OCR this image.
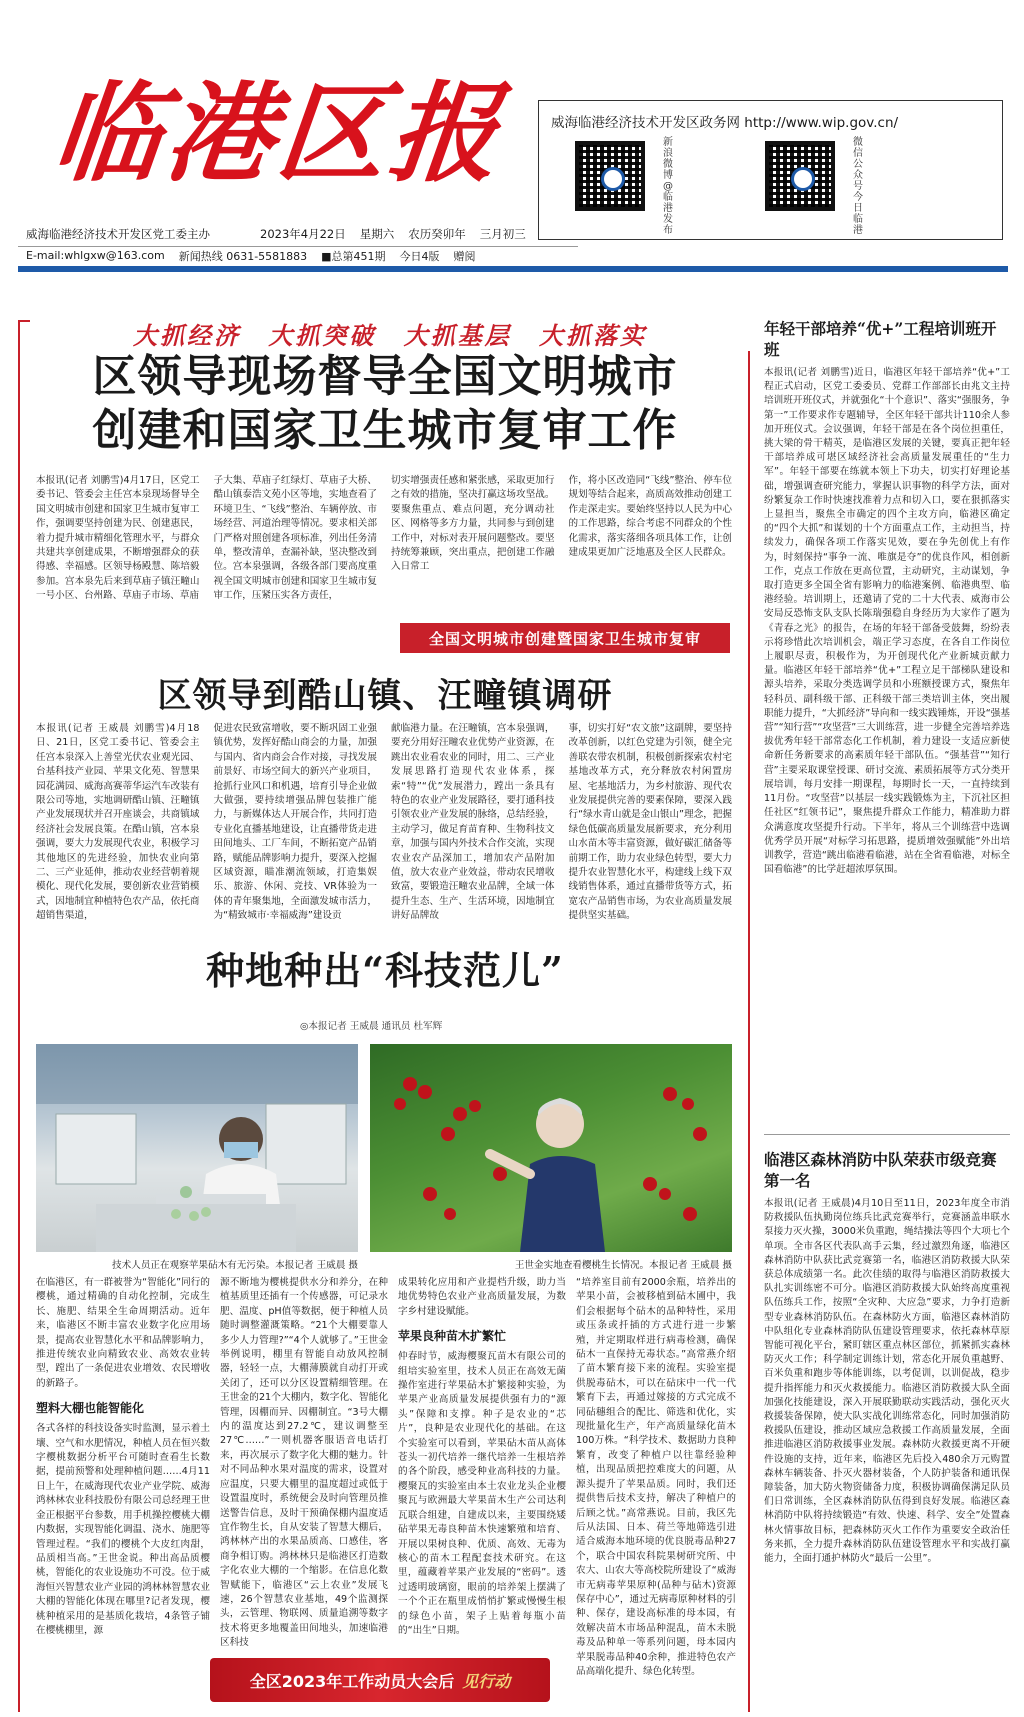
临港区报	威海临港经济技术开发区政务网 http://www.wip.gov.cn/
新浪微博@临港发布
微信公众号今日临港
威海临港经济技术开发区党工委主办	2023年4月22日 星期六 农历癸卯年 三月初三
E-mail:whlgxw@163.com 新闻热线 0631-5581883 ■总第451期 今日4版 赠阅
大抓经济 大抓突破 大抓基层 大抓落实
区领导现场督导全国文明城市
创建和国家卫生城市复审工作
本报讯(记者 刘鹏雪)4月17日，区党工委书记、管委会主任宫本泉现场督导全国文明城市创建和国家卫生城市复审工作，强调要坚持创建为民、创建惠民，着力提升城市精细化管理水平，与群众共建共享创建成果，不断增强群众的获得感、幸福感。区领导杨殿慧、陈培毅参加。宫本泉先后来到草庙子镇汪疃山一号小区、台州路、草庙子市场、草庙
子大集、草庙子红绿灯、草庙子大桥、酷山镇泰浩文苑小区等地，实地查看了环境卫生、“飞线”整治、车辆停放、市场经营、河道治理等情况。要求相关部门严格对照创建各项标准，列出任务清单，整改清单，查漏补缺，坚决整改到位。宫本泉强调，各级各部门要高度重视全国文明城市创建和国家卫生城市复审工作，压紧压实各方责任，
切实增强责任感和紧张感，采取更加行之有效的措施，坚决打赢这场攻坚战。要聚焦重点、难点问题，充分调动社区、网格等多方力量，共同参与到创建工作中，对标对表开展问题整改。要坚持统筹兼顾，突出重点，把创建工作融入日常工
作，将小区改造同“飞线”整治、停车位规划等结合起来，高质高效推动创建工作走深走实。要始终坚持以人民为中心的工作思路，综合考虑不同群众的个性化需求，落实落细各项具体工作，让创建成果更加广泛地惠及全区人民群众。
全国文明城市创建暨国家卫生城市复审
区领导到酷山镇、汪疃镇调研
本报讯(记者 王威晨 刘鹏雪)4月18日、21日，区党工委书记、管委会主任宫本泉深入上善堂光伏农业观光园、台基科技产业园、苹果文化苑、智慧果园花满园、威海高赛蒂华运汽车改装有限公司等地，实地调研酷山镇、汪疃镇产业发展现状并召开座谈会，共商镇域经济社会发展良策。在酷山镇，宫本泉强调，要大力发展现代农业，积极学习其他地区的先进经验，加快农业向第二、三产业延伸，推动农业经营朝着规模化、现代化发展，要创新农业营销模式，因地制宜种植特色农产品，依托商超销售渠道，
促进农民致富增收，要不断巩固工业强镇优势，发挥好酷山商会的力量，加强与国内、省内商会合作对接，寻找发展前景好、市场空间大的新兴产业项目，抢抓行业风口和机遇，培育引导企业做大做强，要持续增强品牌包装推广能力，与新媒体达人开展合作，共同打造专业化直播基地建设，让直播带货走进田间地头、工厂车间，不断拓宽产品销路，赋能品牌影响力提升，要深入挖掘区域资源，瞄准潮流领域，打造集娱乐、旅游、休闲、竞技、VR体验为一体的青年聚集地，全面激发城市活力，为“精致城市·幸福威海”建设贡
献临港力量。在汪疃镇，宫本泉强调，要充分用好汪疃农业优势产业资源，在跳出农业看农业的同时，用二、三产业发展思路打造现代农业体系，探索“特”“优”发展潜力，蹚出一条具有特色的农业产业发展路径，要打通科技引领农业产业发展的脉络，总结经验，主动学习，做足育苗育种、生物科技文章，加强与国内外技术合作交流，实现农业农产品深加工，增加农产品附加值，放大农业产业效益，带动农民增收致富，要锻造汪疃农业品牌，全域一体提升生态、生产、生活环境，因地制宜讲好品牌故
事，切实打好“农文旅”这副牌，要坚持改革创新，以红色党建为引领，健全完善联农带农机制，积极创新探索农村宅基地改革方式，充分释放农村闲置房屋、宅基地活力，为乡村旅游、现代农业发展提供完善的要素保障，要深入践行“绿水青山就是金山银山”理念，把握绿色低碳高质量发展新要求，充分利用山水苗木等丰富资源，做好碳汇储备等前期工作，助力农业绿色转型，要大力提升农业智慧化水平，构建线上线下双线销售体系，通过直播带货等方式，拓宽农产品销售市场，为农业高质量发展提供坚实基础。
种地种出“科技范儿”
◎本报记者 王威晨 通讯员 杜军辉
技术人员正在观察苹果砧木有无污染。本报记者 王威晨 摄	王世金实地查看樱桃生长情况。本报记者 王威晨 摄
在临港区，有一群被誉为“智能化”同行的樱桃，通过精确的自动化控制，完成生长、施肥、结果全生命周期活动。近年来，临港区不断丰富农业数字化应用场景，提高农业智慧化水平和品牌影响力，推进传统农业向精致农业、高效农业转型，蹚出了一条促进农业增效、农民增收的新路子。
塑料大棚也能智能化
各式各样的科技设备实时监测，显示着土壤、空气和水肥情况，种植人员在恒兴数字樱桃数据分析平台可随时查看生长数据，提前预警和处理种植问题……4月11日上午，在威海现代农业产业学院、威海鸿林林农业科技股份有限公司总经理王世金正根据平台参数，用手机操控樱桃大棚内数据，实现智能化调温、浇水、施肥等管理过程。“我们的樱桃个大皮红肉甜，品质相当高。”王世金说。种出高品质樱桃，智能化的农业设施功不可没。位于威海恒兴智慧农业产业园的鸿林林智慧农业大棚的智能化体现在哪里?记者发现，樱桃种植采用的是基质化栽培，4条管子铺在樱桃棚里，源
源不断地为樱桃提供水分和养分，在种植基质里还插有一个传感器，可记录水肥、温度、pH值等数据，便于种植人员随时调整灌溉策略。“21个大棚要靠人多少人力管理?”“4个人就够了。”王世金举例说明，棚里有智能自动放风控制器，轻轻一点，大棚薄膜就自动打开或关闭了，还可以分区设置精细管理。在王世金的21个大棚内，数字化、智能化管理，因棚而异、因棚制宜。“3号大棚内的温度达到27.2℃，建议调整至27℃……”一则机器客服语音电话打来，再次展示了数字化大棚的魅力。针对不同品种水果对温度的需求，设置对应温度，只要大棚里的温度超过或低于设置温度时，系统便会及时向管理员推送警告信息，及时干预确保棚内温度适宜作物生长，自从安装了智慧大棚后，鸿林林产出的水果品质高、口感佳，客商争相订购。鸿林林只是临港区打造数字化农业大棚的一个缩影。在信息化数智赋能下，临港区“云上农业”发展飞速，26个智慧农业基地，49个监测探头，云管理、物联网、质量追溯等数字技术将更多地覆盖田间地头，加速临港区科技
成果转化应用和产业提档升级，助力当地优势特色农业产业高质量发展，为数字乡村建设赋能。
苹果良种苗木扩繁忙
仲春时节，威海樱聚瓦苗木有限公司的组培实验室里，技术人员正在高效无菌操作室进行苹果砧木扩繁接种实验，为苹果产业高质量发展提供强有力的“源头”保障和支撑。种子是农业的“芯片”，良种是农业现代化的基础。在这个实验室可以看到，苹果砧木苗从高体苍头一初代培养一继代培养一生根培养的各个阶段，感受种业高科技的力量。樱聚瓦的实验室由本土农业龙头企业樱聚瓦与欧洲最大苹果苗木生产公司达利瓦联合组建，自建成以来，主要围绕矮砧苹果无毒良种苗木快速繁殖和培育、开展以果树良种、优质、高效、无毒为核心的苗木工程配套技术研究。在这里，蕴藏着苹果产业发展的“密码”。透过透明玻璃窗，眼前的培养架上摆满了一个个正在瓶里成悄悄扩繁或慢慢生根的绿色小苗，架子上贴着每瓶小苗的“出生”日期。
“培养室目前有2000余瓶，培养出的苹果小苗，会被移植到砧木圃中，我们会根据每个砧木的品种特性，采用或压条或扦插的方式进行进一步繁殖，并定期取样进行病毒检测，确保砧木一直保持无毒状态。”高常燕介绍了苗木繁育接下来的流程。实验室提供脱毒砧木，可以在砧床中一代一代繁育下去，再通过嫁接的方式完成不同砧穗组合的配比、筛选和优化，实现批量化生产，年产高质量绿化苗木100万株。“科学技术、数据助力良种繁育，改变了种植户以往靠经验种植，出现品质把控难度大的问题，从源头提升了苹果品质。同时，我们还提供售后技术支持，解决了种植户的后顾之忧。”高常燕说。目前，我区先后从法国、日本、荷兰等地筛选引进适合威海本地环境的优良脱毒品种27个，联合中国农科院果树研究所、中农大、山农大等高校院所建设了“威海市无病毒苹果原种(品种与砧木)资源保存中心”，通过无病毒原种材料的引种、保存，建设高标准的母本园，有效解决苗木市场品种混乱，苗木未脱毒及品种单一等系列问题，母本园内苹果脱毒品种40余种，推进特色农产品高端化提升、绿色化转型。
全区2023年工作动员大会后 见行动
年轻干部培养“优+”工程培训班开班
本报讯(记者 刘鹏雪)近日，临港区年轻干部培养“优+”工程正式启动，区党工委委员、党群工作部部长由兆文主持培训班开班仪式，并就强化“十个意识”、落实“强服务，争第一”工作要求作专题辅导，全区年轻干部共计110余人参加开班仪式。会议强调，年轻干部是在各个岗位担重任，挑大梁的骨干精英，是临港区发展的关键，要真正把年轻干部培养成可堪区域经济社会高质量发展重任的“生力军”。年轻干部要在练就本领上下功夫，切实打好理论基础，增强调查研究能力，掌握认识事物的科学方法，面对纷繁复杂工作时快速找准着力点和切入口，要在狠抓落实上显担当，聚焦全市确定的四个主攻方向，临港区确定的“四个大抓”和谋划的十个方面重点工作，主动担当，持续发力，确保各项工作落实见效，要在争先创优上有作为，时刻保持“事争一流、唯旗是夺”的优良作风，相创新工作，克点工作放在更高位置，主动研究，主动谋划，争取打造更多全国全省有影响力的临港案例、临港典型、临港经验。培训期上，还邀请了党的二十大代表、威海市公安局反恐怖支队支队长陈瑞强稳自身经历为大家作了题为《青春之光》的报告，在场的年轻干部备受鼓舞，纷纷表示将珍惜此次培训机会，端正学习态度，在各自工作岗位上履职尽责，积极作为，为开创现代化产业新城贡献力量。临港区年轻干部培养“优+”工程立足干部梯队建设和源头培养，采取分类选调学员和小班额授课方式，聚焦年轻科员、副科级干部、正科级干部三类培训主体，突出履职能力提升，“大抓经济”导向和一线实践锤炼，开设“强基营”“知行营”“攻坚营”三大训练营，进一步健全完善培养选拔优秀年轻干部常态化工作机制，着力建设一支适应新使命新任务新要求的高素质年轻干部队伍。“强基营”“知行营”主要采取课堂授课、研讨交流、素质拓展等方式分类开展培训，每月安排一期课程，每期时长一天，一直持续到11月份。“攻坚营”以基层一线实践锻炼为主，下沉社区担任社区“红领书记”，聚焦提升群众工作能力，精准助力群众满意度攻坚提升行动。下半年，将从三个训练营中选调优秀学员开展“对标学习拓思路，提质增效强赋能”外出培训教学，营造“跳出临港看临港，站在全省看临港，对标全国看临港”的比学赶超浓厚氛围。
临港区森林消防中队荣获市级竞赛第一名
本报讯(记者 王威晨)4月10日至11日，2023年度全市消防救援队伍执勤岗位练兵比武竞赛举行，竞赛涵盖串联水泵接力灭火操，3000米负重跑，绳结操法等四个大项七个单项。全市各区代表队高手云集，经过激烈角逐，临港区森林消防中队获比武竞赛第一名，临港区消防救援大队荣获总体成绩第一名。此次佳绩的取得与临港区消防救援大队扎实训练密不可分。临港区消防救援大队始终高度重视队伍练兵工作，按照“全灾种、大应急”要求，力争打造新型专业森林消防队伍。在森林防火方面，临港区森林消防中队组化专业森林消防队伍建设管理要求，依托森林草原智能可视化平台，紧盯辖区重点林区部位，抓紧抓实森林防灭火工作；科学制定训练计划，常态化开展负重越野、百米负重和跑步等体能训练，以考促训，以训促战，稳步提升指挥能力和灭火救援能力。临港区消防救援大队全面加强化技能建设，深入开展联勤联动实践活动，强化灭火救援装备保障，使大队实战化训练常态化，同时加强消防救援队伍建设，推动区域应急救援工作高质量发展，全面推进临港区消防救援事业发展。森林防火救援更离不开硬件设施的支持，近年来，临港区先后投入480余万元购置森林车辆装备、扑灭火器材装备，个人防护装备和通讯保障装备，加大防火物资储备力度，积极协调确保满足队员们日常训练，全区森林消防队伍得到良好发展。临港区森林消防中队将持续锻造“有效、快速、科学、安全”处置森林火情事故目标，把森林防灭火工作作为重要安全政治任务来抓，全力提升森林消防队伍建设管理水平和实战打赢能力，全面打通护林防火“最后一公里”。
